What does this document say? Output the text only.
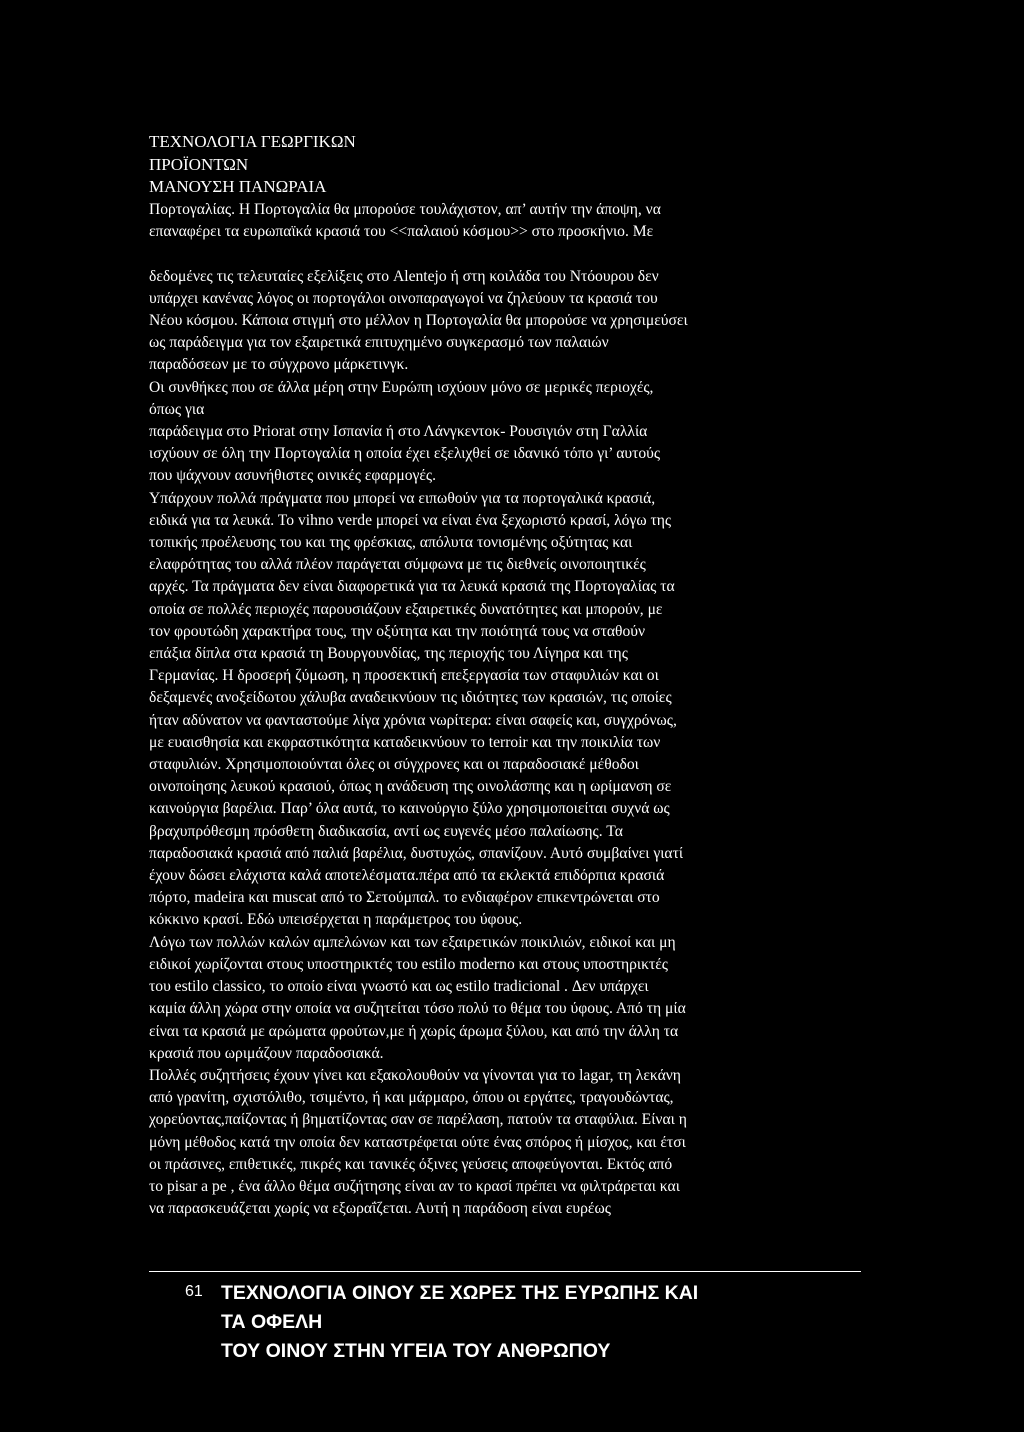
ΤΕΧΝΟΛΟΓΙΑ ΓΕΩΡΓΙΚΩΝ
ΠΡΟΪΟΝΤΩΝ
ΜΑΝΟΥΣΗ ΠΑΝΩΡΑΙΑ

Πορτογαλίας. Η Πορτογαλία θα μπορούσε τουλάχιστον, απ’ αυτήν την άποψη, να

επαναφέρει τα ευρωπαϊκά κρασιά του <<παλαιού κόσμου>> στο προσκήνιο. Με

δεδομένες τις τελευταίες εξελίξεις στο Alentejo ή στη κοιλάδα του Ντόουρου δεν

υπάρχει κανένας λόγος οι πορτογάλοι οινοπαραγωγοί να ζηλεύουν τα κρασιά του

Νέου κόσμου. Κάποια στιγμή στο μέλλον η Πορτογαλία θα μπορούσε να χρησιμεύσει

ως παράδειγμα για τον εξαιρετικά επιτυχημένο συγκερασμό των παλαιών

παραδόσεων με το σύγχρονο μάρκετινγκ.

Οι συνθήκες που σε άλλα μέρη στην Ευρώπη ισχύουν μόνο σε μερικές περιοχές,

όπως για

παράδειγμα στο Priorat στην Ισπανία ή στο Λάνγκεντοκ- Ρουσιγιόν στη Γαλλία

ισχύουν σε όλη την Πορτογαλία η οποία έχει εξελιχθεί σε ιδανικό τόπο γι’ αυτούς

που ψάχνουν ασυνήθιστες οινικές εφαρμογές.

Υπάρχουν πολλά πράγματα που μπορεί να ειπωθούν για τα πορτογαλικά κρασιά,

ειδικά για τα λευκά. Το vihno verde μπορεί να είναι ένα ξεχωριστό κρασί, λόγω της

τοπικής προέλευσης του και της φρέσκιας, απόλυτα τονισμένης οξύτητας και

ελαφρότητας του αλλά πλέον παράγεται σύμφωνα με τις διεθνείς οινοποιητικές

αρχές. Τα πράγματα δεν είναι διαφορετικά για τα λευκά κρασιά της Πορτογαλίας τα

οποία σε πολλές περιοχές παρουσιάζουν εξαιρετικές δυνατότητες και μπορούν, με

τον φρουτώδη χαρακτήρα τους, την οξύτητα και την ποιότητά τους να σταθούν

επάξια δίπλα στα κρασιά τη Βουργουνδίας, της περιοχής του Λίγηρα και της

Γερμανίας. Η δροσερή ζύμωση, η προσεκτική επεξεργασία των σταφυλιών και οι

δεξαμενές ανοξείδωτου χάλυβα αναδεικνύουν τις ιδιότητες των κρασιών, τις οποίες

ήταν αδύνατον να φανταστούμε λίγα χρόνια νωρίτερα: είναι σαφείς και, συγχρόνως,

με ευαισθησία και εκφραστικότητα καταδεικνύουν το terroir και την ποικιλία των

σταφυλιών. Χρησιμοποιούνται όλες οι σύγχρονες και οι παραδοσιακέ μέθοδοι

οινοποίησης λευκού κρασιού, όπως η ανάδευση της οινολάσπης και η ωρίμανση σε

καινούργια βαρέλια. Παρ’ όλα αυτά, το καινούργιο ξύλο χρησιμοποιείται συχνά ως

βραχυπρόθεσμη πρόσθετη διαδικασία, αντί ως ευγενές μέσο παλαίωσης. Τα

παραδοσιακά κρασιά από παλιά βαρέλια, δυστυχώς, σπανίζουν. Αυτό συμβαίνει γιατί

έχουν δώσει ελάχιστα καλά αποτελέσματα.πέρα από τα εκλεκτά επιδόρπια κρασιά

πόρτο, madeira και muscat από το Σετούμπαλ. το ενδιαφέρον επικεντρώνεται στο

κόκκινο κρασί. Εδώ υπεισέρχεται η παράμετρος του ύφους.

Λόγω των πολλών καλών αμπελώνων και των εξαιρετικών ποικιλιών, ειδικοί και μη

ειδικοί χωρίζονται στους υποστηρικτές του estilo moderno και στους υποστηρικτές

του estilo classico, το οποίο είναι γνωστό και ως estilo tradicional . Δεν υπάρχει

καμία άλλη χώρα στην οποία να συζητείται τόσο πολύ το θέμα του ύφους. Από τη μία

είναι τα κρασιά με αρώματα φρούτων,με ή χωρίς άρωμα ξύλου, και από την άλλη τα

κρασιά που ωριμάζουν παραδοσιακά.

Πολλές συζητήσεις έχουν γίνει και εξακολουθούν να γίνονται για το lagar, τη λεκάνη

από γρανίτη, σχιστόλιθο, τσιμέντο, ή και μάρμαρο, όπου οι εργάτες, τραγουδώντας,

χορεύοντας,παίζοντας ή βηματίζοντας σαν σε παρέλαση, πατούν τα σταφύλια. Είναι η

μόνη μέθοδος κατά την οποία δεν καταστρέφεται ούτε ένας σπόρος ή μίσχος, και έτσι

οι πράσινες, επιθετικές, πικρές και τανικές όξινες γεύσεις αποφεύγονται. Εκτός από

το pisar a pe , ένα άλλο θέμα συζήτησης είναι αν το κρασί πρέπει να φιλτράρεται και

να παρασκευάζεται χωρίς να εξωραΐζεται. Αυτή η παράδοση είναι ευρέως

61 ΤΕΧΝΟΛΟΓΙΑ ΟΙΝΟΥ ΣΕ ΧΩΡΕΣ ΤΗΣ ΕΥΡΩΠΗΣ ΚΑΙ
ΤΑ ΟΦΕΛΗ
ΤΟΥ ΟΙΝΟΥ ΣΤΗΝ ΥΓΕΙΑ ΤΟΥ ΑΝΘΡΩΠΟΥ
